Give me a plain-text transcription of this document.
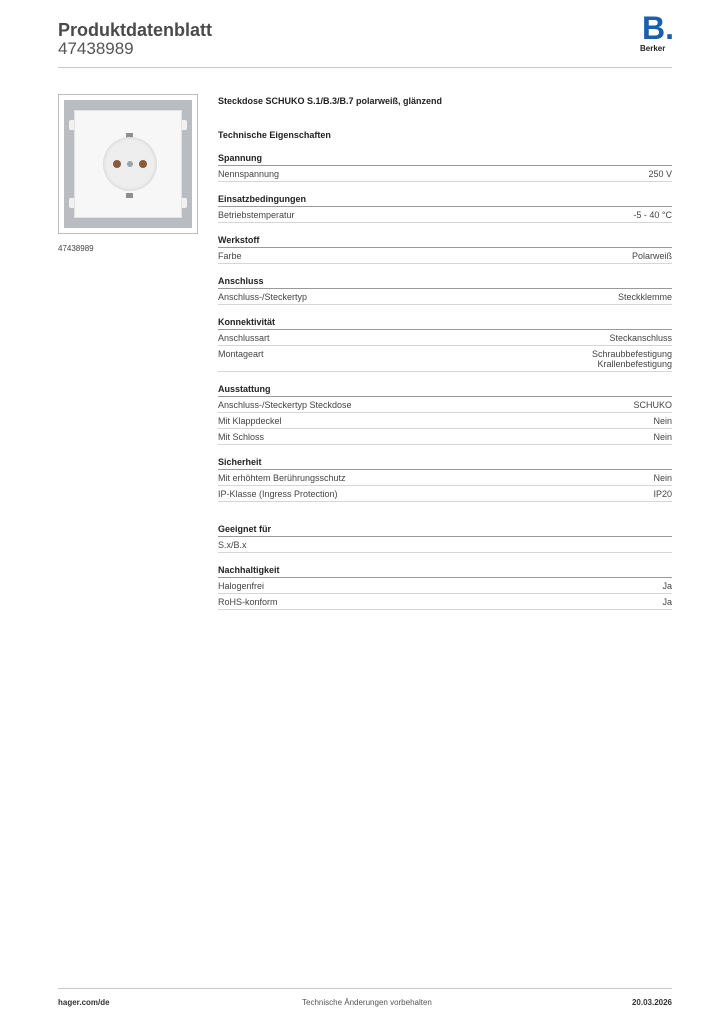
Produktdatenblatt
47438989
B.
Berker
47438989
Steckdose SCHUKO S.1/B.3/B.7 polarweiß, glänzend
Technische Eigenschaften
Spannung
Nennspannung	250 V
Einsatzbedingungen
Betriebstemperatur	-5 - 40 °C
Werkstoff
Farbe	Polarweiß
Anschluss
Anschluss-/Steckertyp	Steckklemme
Konnektivität
Anschlussart	Steckanschluss
Montageart	Schraubbefestigung
Krallenbefestigung
Ausstattung
Anschluss-/Steckertyp Steckdose	SCHUKO
Mit Klappdeckel	Nein
Mit Schloss	Nein
Sicherheit
Mit erhöhtem Berührungsschutz	Nein
IP-Klasse (Ingress Protection)	IP20
Geeignet für
S.x/B.x
Nachhaltigkeit
Halogenfrei	Ja
RoHS-konform	Ja
hager.com/de	Technische Änderungen vorbehalten	20.03.2026
